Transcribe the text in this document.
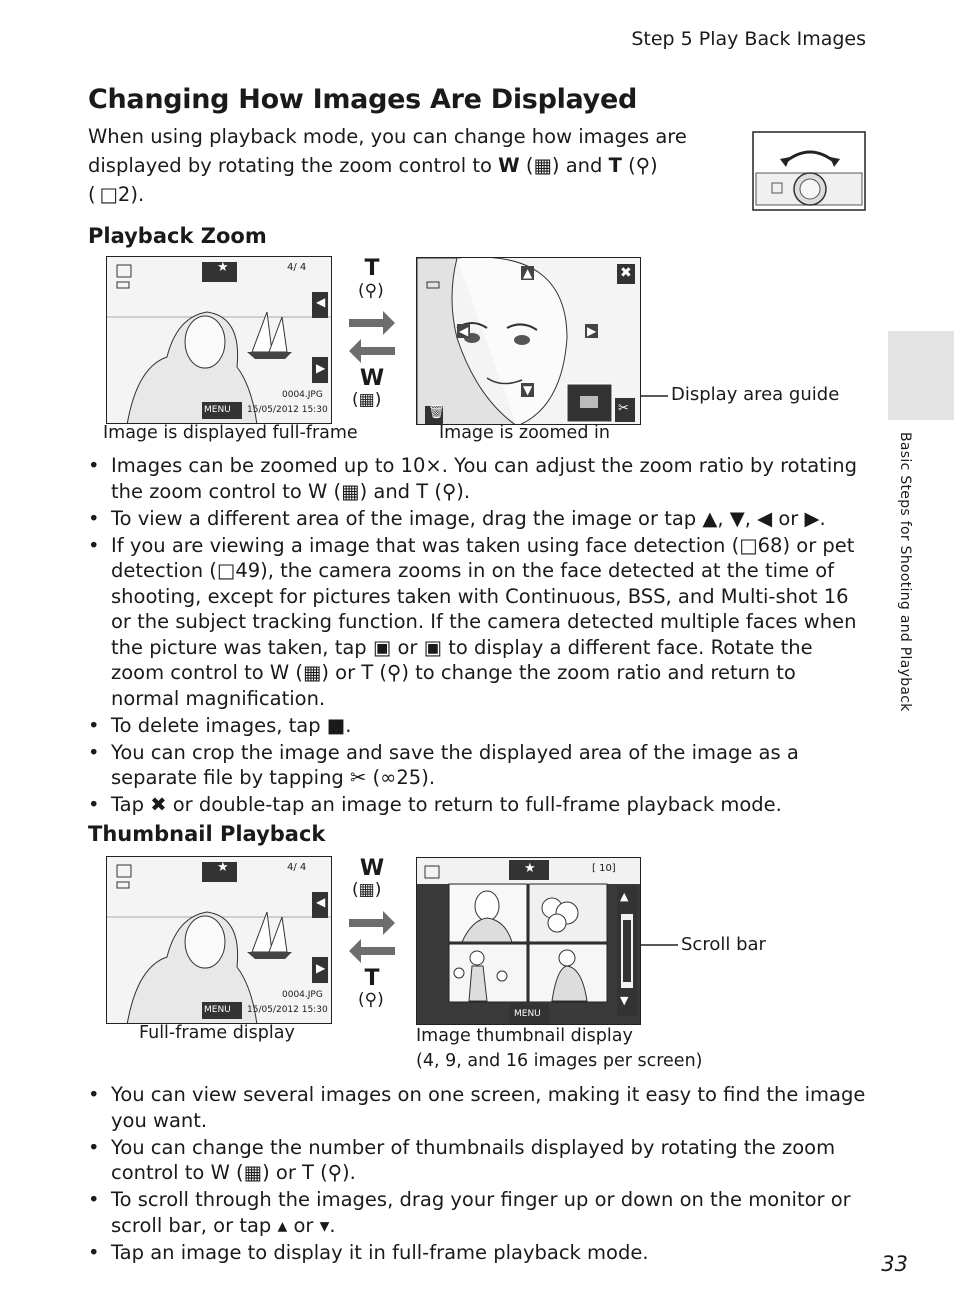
Step 5 Play Back Images
Changing How Images Are Displayed
When using playback mode, you can change how images are
displayed by rotating the zoom control to W (▦) and T (⚲)
( □2).
Playback Zoom
★
◀
▶
MENU
4/ 4
0004.JPG
15/05/2012 15:30
T
(⚲)
W
(▦)
▲
▼
◀	▶
✖
🗑	✂
Display area guide
Image is displayed full-frame	Image is zoomed in
• Images can be zoomed up to 10×. You can adjust the zoom ratio by rotating the zoom control to W (▦) and T (⚲).
• To view a different area of the image, drag the image or tap ▲, ▼, ◀ or ▶.
• If you are viewing a image that was taken using face detection (□68) or pet detection (□49), the camera zooms in on the face detected at the time of shooting, except for pictures taken with Continuous, BSS, and Multi-shot 16 or the subject tracking function. If the camera detected multiple faces when the picture was taken, tap ▣ or ▣ to display a different face. Rotate the zoom control to W (▦) or T (⚲) to change the zoom ratio and return to normal magnification.
• To delete images, tap ■.
• You can crop the image and save the displayed area of the image as a separate file by tapping ✂ (∞25).
• Tap ✖ or double-tap an image to return to full-frame playback mode.
Thumbnail Playback
★
◀
▶
MENU
4/ 4
0004.JPG
15/05/2012 15:30
W
(▦)
T
(⚲)
★	[ 10]
▲
▼
MENU
Scroll bar
Full-frame display	Image thumbnail display
(4, 9, and 16 images per screen)
• You can view several images on one screen, making it easy to find the image you want.
• You can change the number of thumbnails displayed by rotating the zoom control to W (▦) or T (⚲).
• To scroll through the images, drag your finger up or down on the monitor or scroll bar, or tap ▴ or ▾.
• Tap an image to display it in full-frame playback mode.
Basic Steps for Shooting and Playback
33
